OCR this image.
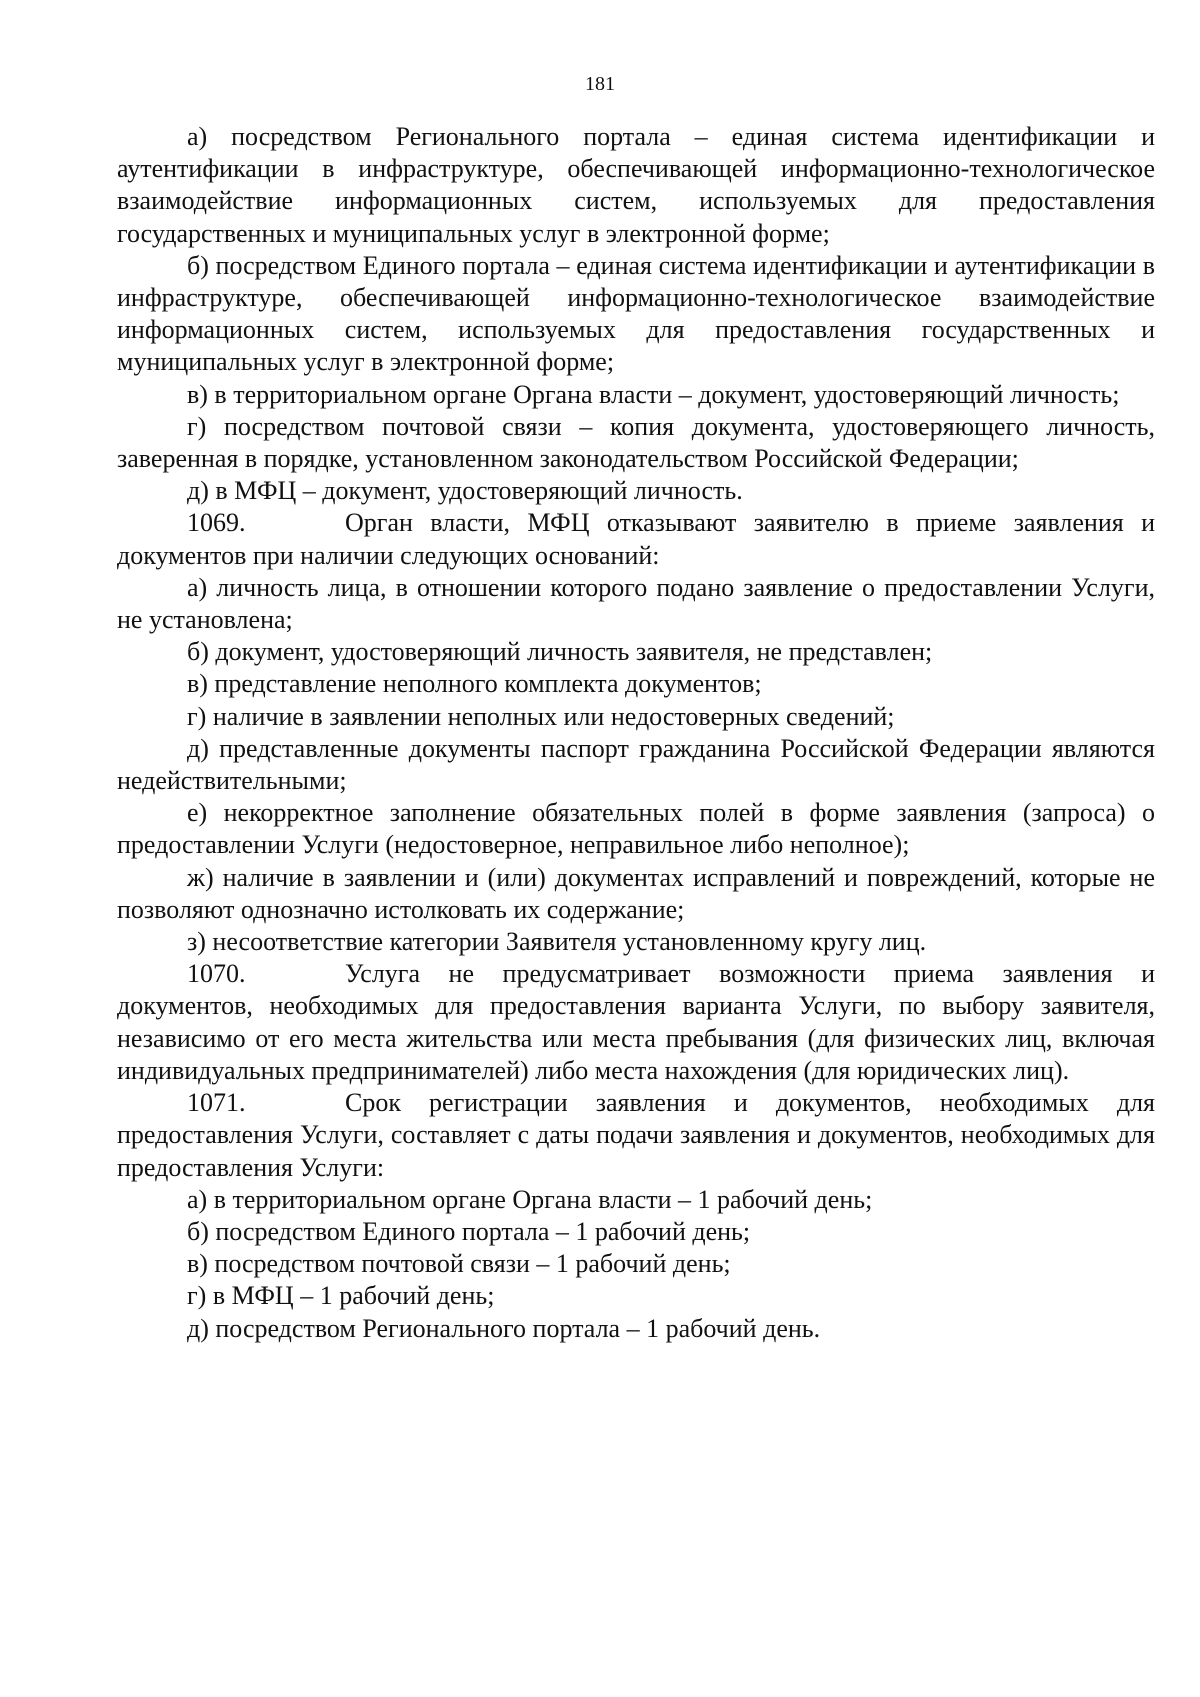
181

а) посредством Регионального портала – единая система идентификации и аутентификации в инфраструктуре, обеспечивающей информационно-технологическое взаимодействие информационных систем, используемых для предоставления государственных и муниципальных услуг в электронной форме;

б) посредством Единого портала – единая система идентификации и аутентификации в инфраструктуре, обеспечивающей информационно-технологическое взаимодействие информационных систем, используемых для предоставления государственных и муниципальных услуг в электронной форме;

в) в территориальном органе Органа власти – документ, удостоверяющий личность;

г) посредством почтовой связи – копия документа, удостоверяющего личность, заверенная в порядке, установленном законодательством Российской Федерации;

д) в МФЦ – документ, удостоверяющий личность.

1069.	Орган власти, МФЦ отказывают заявителю в приеме заявления и документов при наличии следующих оснований:

а) личность лица, в отношении которого подано заявление о предоставлении Услуги, не установлена;

б) документ, удостоверяющий личность заявителя, не представлен;

в) представление неполного комплекта документов;

г) наличие в заявлении неполных или недостоверных сведений;

д) представленные документы паспорт гражданина Российской Федерации являются недействительными;

е) некорректное заполнение обязательных полей в форме заявления (запроса) о предоставлении Услуги (недостоверное, неправильное либо неполное);

ж) наличие в заявлении и (или) документах исправлений и повреждений, которые не позволяют однозначно истолковать их содержание;

з) несоответствие категории Заявителя установленному кругу лиц.

1070.	Услуга не предусматривает возможности приема заявления и документов, необходимых для предоставления варианта Услуги, по выбору заявителя, независимо от его места жительства или места пребывания (для физических лиц, включая индивидуальных предпринимателей) либо места нахождения (для юридических лиц).

1071.	Срок регистрации заявления и документов, необходимых для предоставления Услуги, составляет с даты подачи заявления и документов, необходимых для предоставления Услуги:

а) в территориальном органе Органа власти – 1 рабочий день;

б) посредством Единого портала – 1 рабочий день;

в) посредством почтовой связи – 1 рабочий день;

г) в МФЦ – 1 рабочий день;

д) посредством Регионального портала – 1 рабочий день.
